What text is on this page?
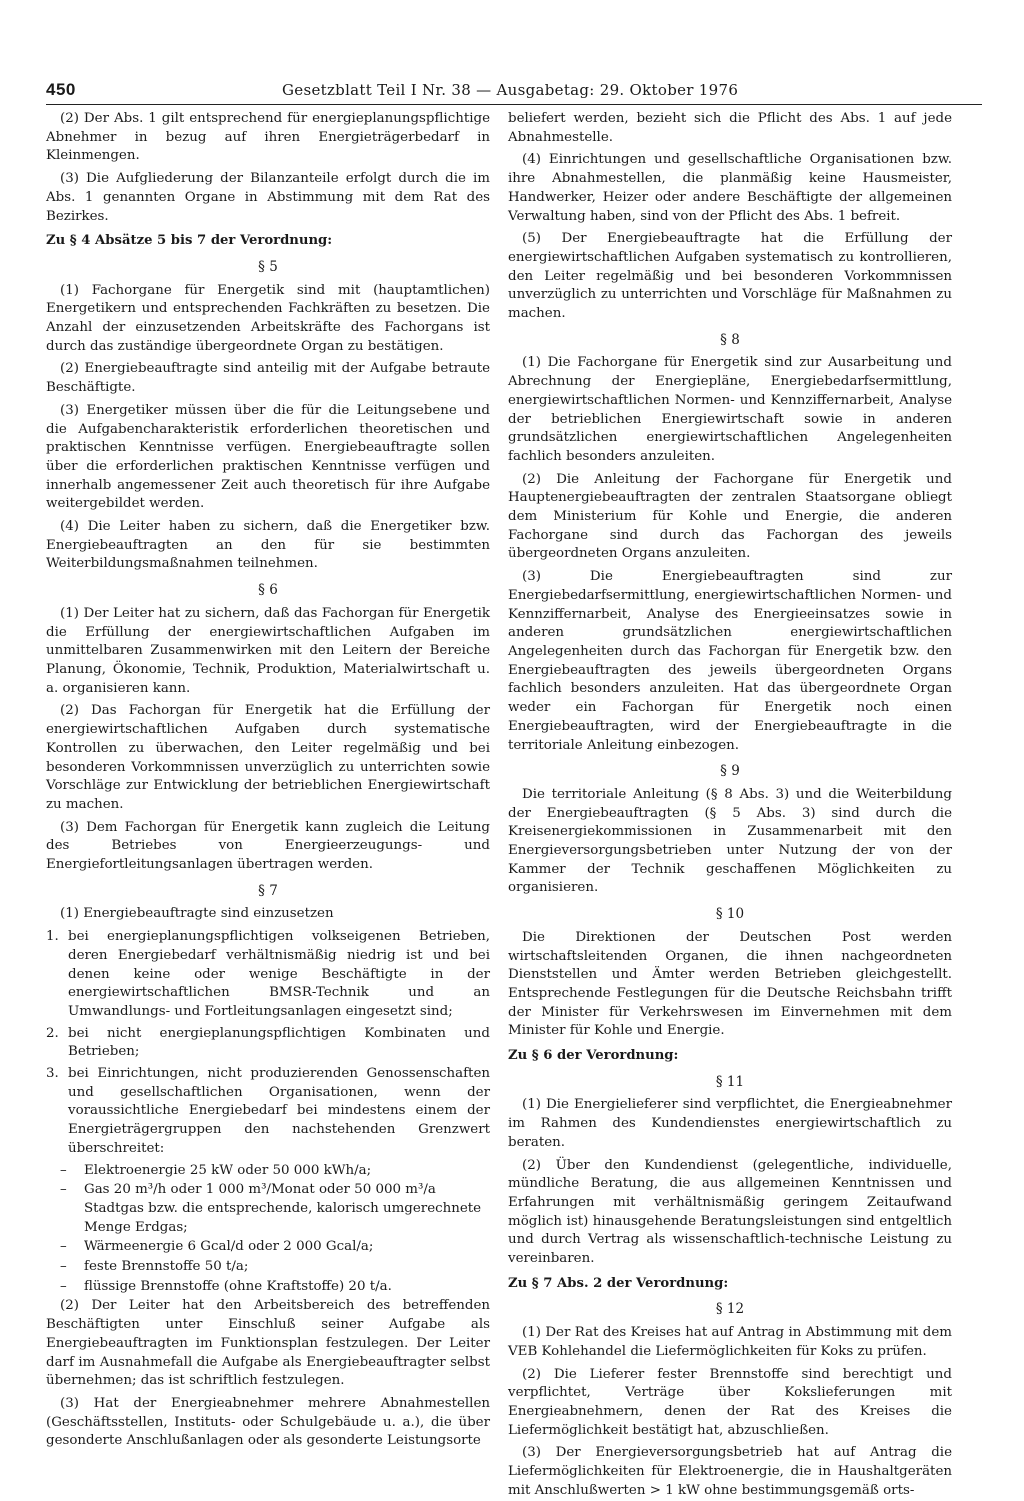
450	Gesetzblatt Teil I Nr. 38 — Ausgabetag: 29. Oktober 1976

(2) Der Abs. 1 gilt entsprechend für energieplanungspflichtige Abnehmer in bezug auf ihren Energieträgerbedarf in Kleinmengen.

(3) Die Aufgliederung der Bilanzanteile erfolgt durch die im Abs. 1 genannten Organe in Abstimmung mit dem Rat des Bezirkes.

Zu § 4 Absätze 5 bis 7 der Verordnung:
§ 5

(1) Fachorgane für Energetik sind mit (hauptamtlichen) Energetikern und entsprechenden Fachkräften zu besetzen. Die Anzahl der einzusetzenden Arbeitskräfte des Fachorgans ist durch das zuständige übergeordnete Organ zu bestätigen.

(2) Energiebeauftragte sind anteilig mit der Aufgabe betraute Beschäftigte.

(3) Energetiker müssen über die für die Leitungsebene und die Aufgabencharakteristik erforderlichen theoretischen und praktischen Kenntnisse verfügen. Energiebeauftragte sollen über die erforderlichen praktischen Kenntnisse verfügen und innerhalb angemessener Zeit auch theoretisch für ihre Aufgabe weitergebildet werden.

(4) Die Leiter haben zu sichern, daß die Energetiker bzw. Energiebeauftragten an den für sie bestimmten Weiterbildungsmaßnahmen teilnehmen.

§ 6

(1) Der Leiter hat zu sichern, daß das Fachorgan für Energetik die Erfüllung der energiewirtschaftlichen Aufgaben im unmittelbaren Zusammenwirken mit den Leitern der Bereiche Planung, Ökonomie, Technik, Produktion, Materialwirtschaft u. a. organisieren kann.

(2) Das Fachorgan für Energetik hat die Erfüllung der energiewirtschaftlichen Aufgaben durch systematische Kontrollen zu überwachen, den Leiter regelmäßig und bei besonderen Vorkommnissen unverzüglich zu unterrichten sowie Vorschläge zur Entwicklung der betrieblichen Energiewirtschaft zu machen.

(3) Dem Fachorgan für Energetik kann zugleich die Leitung des Betriebes von Energieerzeugungs- und Energiefortleitungsanlagen übertragen werden.

§ 7

(1) Energiebeauftragte sind einzusetzen

1. bei energieplanungspflichtigen volkseigenen Betrieben, deren Energiebedarf verhältnismäßig niedrig ist und bei denen keine oder wenige Beschäftigte in der energiewirtschaftlichen BMSR-Technik und an Umwandlungs- und Fortleitungsanlagen eingesetzt sind;
2. bei nicht energieplanungspflichtigen Kombinaten und Betrieben;
3. bei Einrichtungen, nicht produzierenden Genossenschaften und gesellschaftlichen Organisationen, wenn der voraussichtliche Energiebedarf bei mindestens einem der Energieträgergruppen den nachstehenden Grenzwert überschreitet:
–	Elektroenergie 25 kW oder 50 000 kWh/a;
–	Gas 20 m³/h oder 1 000 m³/Monat oder 50 000 m³/a Stadtgas bzw. die entsprechende, kalorisch umgerechnete Menge Erdgas;
–	Wärmeenergie 6 Gcal/d oder 2 000 Gcal/a;
–	feste Brennstoffe 50 t/a;
–	flüssige Brennstoffe (ohne Kraftstoffe) 20 t/a.

(2) Der Leiter hat den Arbeitsbereich des betreffenden Beschäftigten unter Einschluß seiner Aufgabe als Energiebeauftragten im Funktionsplan festzulegen. Der Leiter darf im Ausnahmefall die Aufgabe als Energiebeauftragter selbst übernehmen; das ist schriftlich festzulegen.

(3) Hat der Energieabnehmer mehrere Abnahmestellen (Geschäftsstellen, Instituts- oder Schulgebäude u. a.), die über gesonderte Anschlußanlagen oder als gesonderte Leistungsorte

beliefert werden, bezieht sich die Pflicht des Abs. 1 auf jede Abnahmestelle.

(4) Einrichtungen und gesellschaftliche Organisationen bzw. ihre Abnahmestellen, die planmäßig keine Hausmeister, Handwerker, Heizer oder andere Beschäftigte der allgemeinen Verwaltung haben, sind von der Pflicht des Abs. 1 befreit.

(5) Der Energiebeauftragte hat die Erfüllung der energiewirtschaftlichen Aufgaben systematisch zu kontrollieren, den Leiter regelmäßig und bei besonderen Vorkommnissen unverzüglich zu unterrichten und Vorschläge für Maßnahmen zu machen.

§ 8

(1) Die Fachorgane für Energetik sind zur Ausarbeitung und Abrechnung der Energiepläne, Energiebedarfsermittlung, energiewirtschaftlichen Normen- und Kennziffernarbeit, Analyse der betrieblichen Energiewirtschaft sowie in anderen grundsätzlichen energiewirtschaftlichen Angelegenheiten fachlich besonders anzuleiten.

(2) Die Anleitung der Fachorgane für Energetik und Hauptenergiebeauftragten der zentralen Staatsorgane obliegt dem Ministerium für Kohle und Energie, die anderen Fachorgane sind durch das Fachorgan des jeweils übergeordneten Organs anzuleiten.

(3) Die Energiebeauftragten sind zur Energiebedarfsermittlung, energiewirtschaftlichen Normen- und Kennziffernarbeit, Analyse des Energieeinsatzes sowie in anderen grundsätzlichen energiewirtschaftlichen Angelegenheiten durch das Fachorgan für Energetik bzw. den Energiebeauftragten des jeweils übergeordneten Organs fachlich besonders anzuleiten. Hat das übergeordnete Organ weder ein Fachorgan für Energetik noch einen Energiebeauftragten, wird der Energiebeauftragte in die territoriale Anleitung einbezogen.

§ 9

Die territoriale Anleitung (§ 8 Abs. 3) und die Weiterbildung der Energiebeauftragten (§ 5 Abs. 3) sind durch die Kreisenergiekommissionen in Zusammenarbeit mit den Energieversorgungsbetrieben unter Nutzung der von der Kammer der Technik geschaffenen Möglichkeiten zu organisieren.

§ 10

Die Direktionen der Deutschen Post werden wirtschaftsleitenden Organen, die ihnen nachgeordneten Dienststellen und Ämter werden Betrieben gleichgestellt. Entsprechende Festlegungen für die Deutsche Reichsbahn trifft der Minister für Verkehrswesen im Einvernehmen mit dem Minister für Kohle und Energie.

Zu § 6 der Verordnung:
§ 11

(1) Die Energielieferer sind verpflichtet, die Energieabnehmer im Rahmen des Kundendienstes energiewirtschaftlich zu beraten.

(2) Über den Kundendienst (gelegentliche, individuelle, mündliche Beratung, die aus allgemeinen Kenntnissen und Erfahrungen mit verhältnismäßig geringem Zeitaufwand möglich ist) hinausgehende Beratungsleistungen sind entgeltlich und durch Vertrag als wissenschaftlich-technische Leistung zu vereinbaren.

Zu § 7 Abs. 2 der Verordnung:
§ 12

(1) Der Rat des Kreises hat auf Antrag in Abstimmung mit dem VEB Kohlehandel die Liefermöglichkeiten für Koks zu prüfen.

(2) Die Lieferer fester Brennstoffe sind berechtigt und verpflichtet, Verträge über Kokslieferungen mit Energieabnehmern, denen der Rat des Kreises die Liefermöglichkeit bestätigt hat, abzuschließen.

(3) Der Energieversorgungsbetrieb hat auf Antrag die Liefermöglichkeiten für Elektroenergie, die in Haushaltgeräten mit Anschlußwerten > 1 kW ohne bestimmungsgemäß orts-
